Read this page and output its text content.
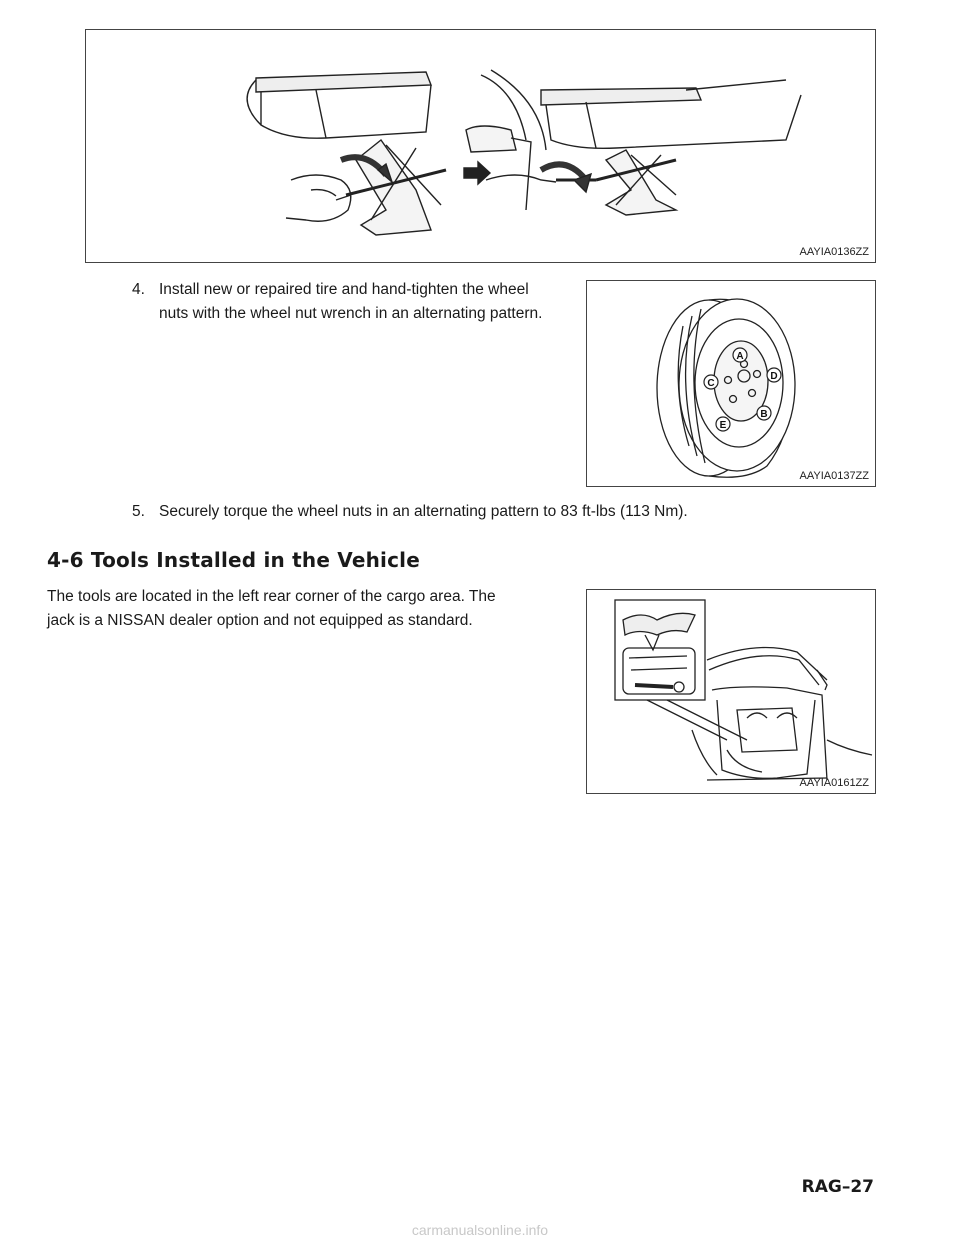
AAYIA0136ZZ
4. Install new or repaired tire and hand-tighten the wheel
nuts with the wheel nut wrench in an alternating pattern.
A
B
C
D
E
AAYIA0137ZZ
5. Securely torque the wheel nuts in an alternating pattern to 83 ft-lbs (113 Nm).
4-6 Tools Installed in the Vehicle
The tools are located in the left rear corner of the cargo area. The
jack is a NISSAN dealer option and not equipped as standard.
AAYIA0161ZZ
RAG–27
carmanualsonline.info
